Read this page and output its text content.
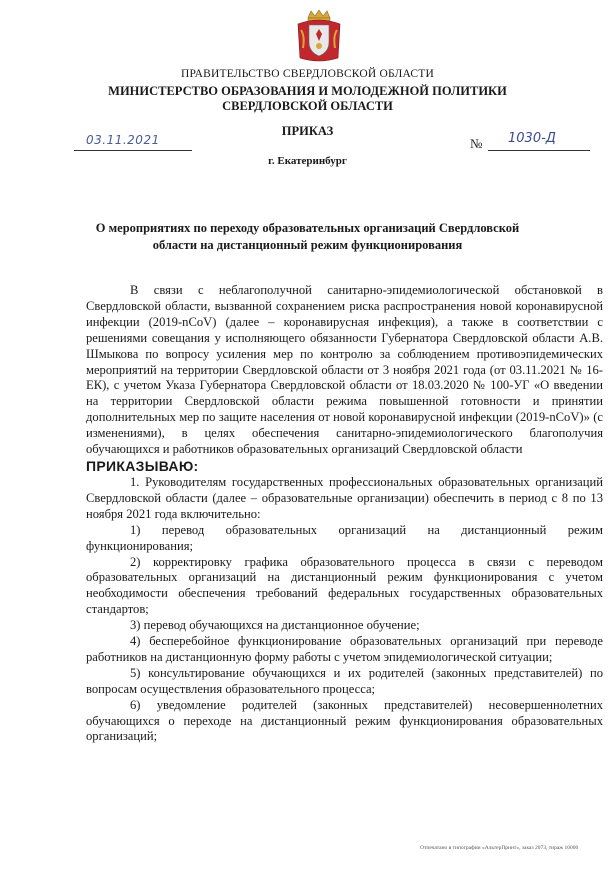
ПРАВИТЕЛЬСТВО СВЕРДЛОВСКОЙ ОБЛАСТИ
МИНИСТЕРСТВО ОБРАЗОВАНИЯ И МОЛОДЕЖНОЙ ПОЛИТИКИ
СВЕРДЛОВСКОЙ ОБЛАСТИ
ПРИКАЗ
03.11.2021	№ 1030-Д
г. Екатеринбург
О мероприятиях по переходу образовательных организаций Свердловской
области на дистанционный режим функционирования

В связи с неблагополучной санитарно-эпидемиологической обстановкой в Свердловской области, вызванной сохранением риска распространения новой коронавирусной инфекции (2019-nCoV) (далее – коронавирусная инфекция), а также в соответствии с решениями совещания у исполняющего обязанности Губернатора Свердловской области А.В. Шмыкова по вопросу усиления мер по контролю за соблюдением противоэпидемических мероприятий на территории Свердловской области от 3 ноября 2021 года (от 03.11.2021 № 16-ЕК), с учетом Указа Губернатора Свердловской области от 18.03.2020 № 100-УГ «О введении на территории Свердловской области режима повышенной готовности и принятии дополнительных мер по защите населения от новой коронавирусной инфекции (2019-nCoV)» (с изменениями), в целях обеспечения санитарно-эпидемиологического благополучия обучающихся и работников образовательных организаций Свердловской области

ПРИКАЗЫВАЮ:

1. Руководителям государственных профессиональных образовательных организаций Свердловской области (далее – образовательные организации) обеспечить в период с 8 по 13 ноября 2021 года включительно:

1) перевод образовательных организаций на дистанционный режим функционирования;

2) корректировку графика образовательного процесса в связи с переводом образовательных организаций на дистанционный режим функционирования с учетом необходимости обеспечения требований федеральных государственных образовательных стандартов;

3) перевод обучающихся на дистанционное обучение;

4) бесперебойное функционирование образовательных организаций при переводе работников на дистанционную форму работы с учетом эпидемиологической ситуации;

5) консультирование обучающихся и их родителей (законных представителей) по вопросам осуществления образовательного процесса;

6) уведомление родителей (законных представителей) несовершеннолетних обучающихся о переходе на дистанционный режим функционирования образовательных организаций;

Отпечатано в типографии «АльтерПринт», заказ 2073, тираж 10000
